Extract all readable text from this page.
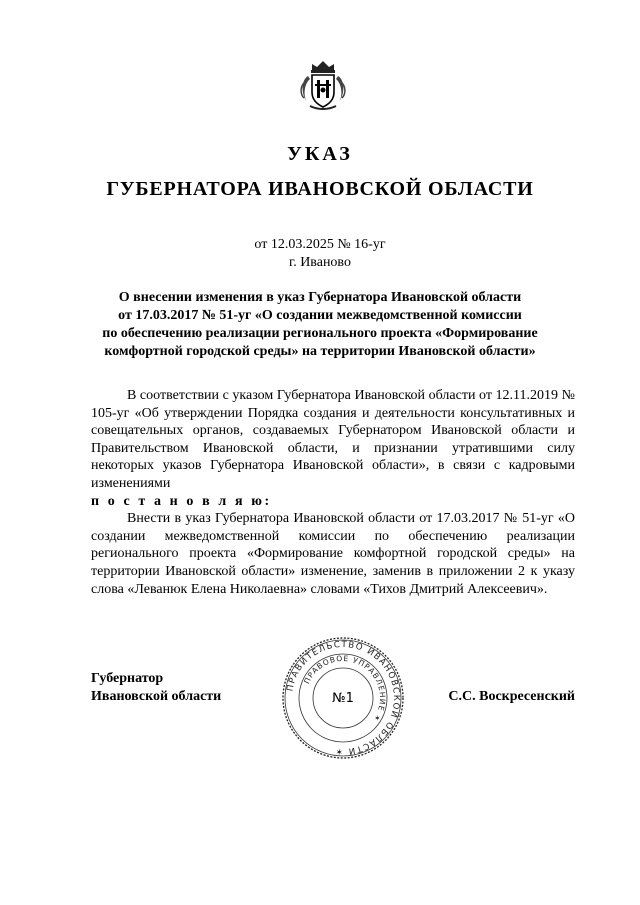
УКАЗ
ГУБЕРНАТОРА ИВАНОВСКОЙ ОБЛАСТИ
от 12.03.2025 № 16-уг
г. Иваново
О внесении изменения в указ Губернатора Ивановской области
от 17.03.2017 № 51-уг «О создании межведомственной комиссии
по обеспечению реализации регионального проекта «Формирование
комфортной городской среды» на территории Ивановской области»

В соответствии с указом Губернатора Ивановской области от 12.11.2019 № 105-уг «Об утверждении Порядка создания и деятельности консультативных и совещательных органов, создаваемых Губернатором Ивановской области и Правительством Ивановской области, и признании утратившими силу некоторых указов Губернатора Ивановской области», в связи с кадровыми изменениями

п о с т а н о в л я ю:

Внести в указ Губернатора Ивановской области от 17.03.2017 № 51-уг «О создании межведомственной комиссии по обеспечению реализации регионального проекта «Формирование комфортной городской среды» на территории Ивановской области» изменение, заменив в приложении 2 к указу слова «Леванюк Елена Николаевна» словами «Тихов Дмитрий Алексеевич».

Губернатор
Ивановской области
ПРАВИТЕЛЬСТВО ИВАНОВСКОЙ ОБЛАСТИ ✶
ПРАВОВОЕ УПРАВЛЕНИЕ ✶
№1	С.С. Воскресенский
